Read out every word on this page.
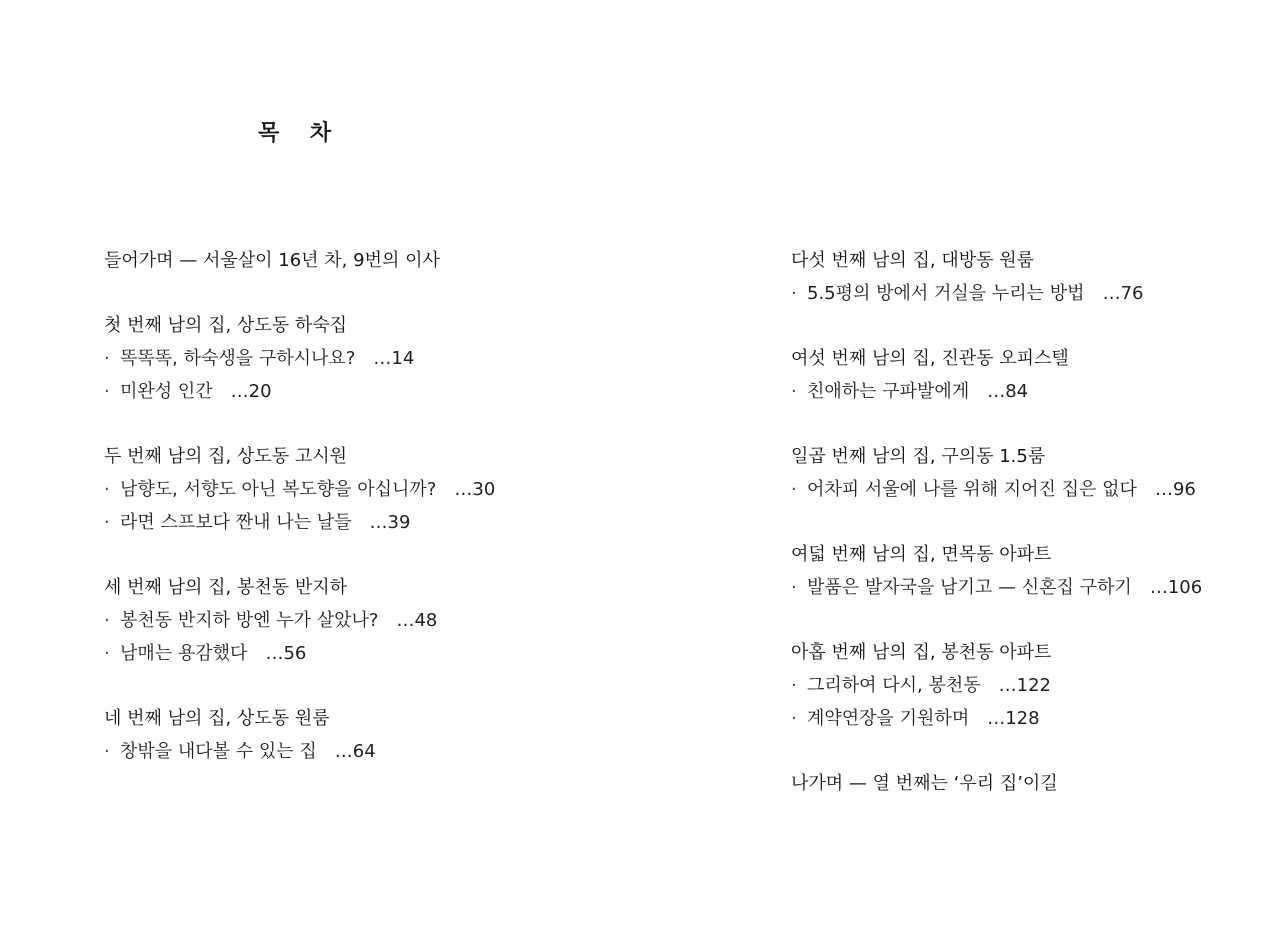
목    차
들어가며 — 서울살이 16년 차, 9번의 이사
첫 번째 남의 집, 상도동 하숙집
· 똑똑똑, 하숙생을 구하시나요? …14
· 미완성 인간 …20
두 번째 남의 집, 상도동 고시원
· 남향도, 서향도 아닌 복도향을 아십니까? …30
· 라면 스프보다 짠내 나는 날들 …39
세 번째 남의 집, 봉천동 반지하
· 봉천동 반지하 방엔 누가 살았나? …48
· 남매는 용감했다 …56
네 번째 남의 집, 상도동 원룸
· 창밖을 내다볼 수 있는 집 …64
다섯 번째 남의 집, 대방동 원룸
· 5.5평의 방에서 거실을 누리는 방법 …76
여섯 번째 남의 집, 진관동 오피스텔
· 친애하는 구파발에게 …84
일곱 번째 남의 집, 구의동 1.5룸
· 어차피 서울에 나를 위해 지어진 집은 없다 …96
여덟 번째 남의 집, 면목동 아파트
· 발품은 발자국을 남기고 — 신혼집 구하기 …106
아홉 번째 남의 집, 봉천동 아파트
· 그리하여 다시, 봉천동 …122
· 계약연장을 기원하며 …128
나가며 — 열 번째는 ‘우리 집’이길
